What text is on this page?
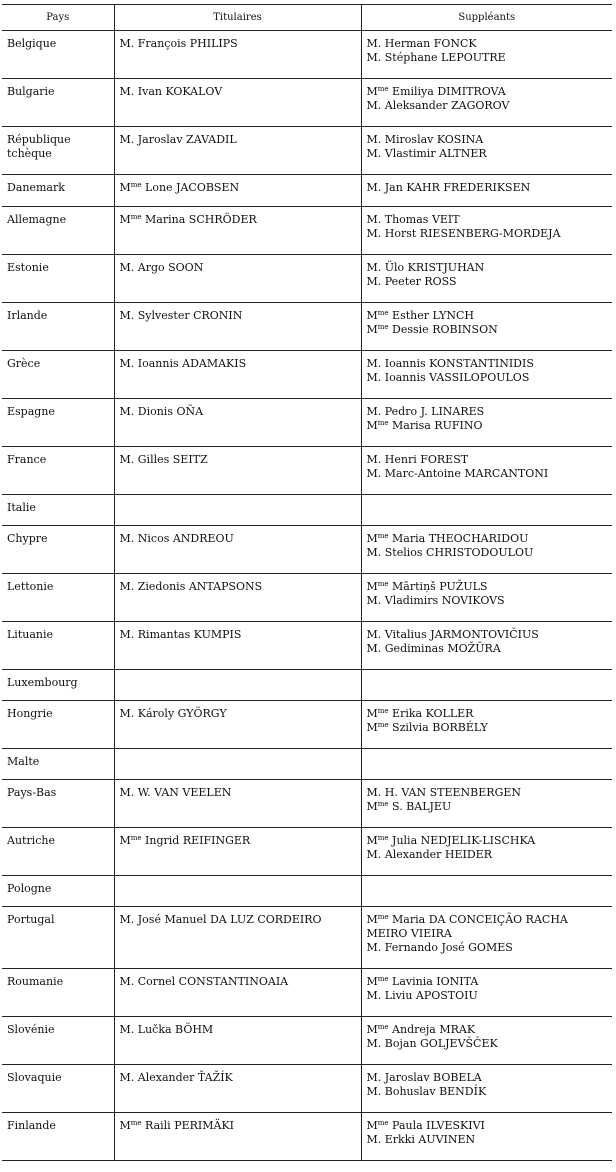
Pays	Titulaires	Suppléants
Belgique	M. François PHILIPS	M. Herman FONCK
M. Stéphane LEPOUTRE

Bulgarie	M. Ivan KOKALOV	$M^{me}$ Emiliya DIMITROVA
M. Aleksander ZAGOROV

République tchèque	M. Jaroslav ZAVADIL	M. Miroslav KOSINA
M. Vlastimir ALTNER

Danemark	$M^{me}$ Lone JACOBSEN	M. Jan KAHR FREDERIKSEN

Allemagne	$M^{me}$ Marina SCHRÖDER	M. Thomas VEIT
M. Horst RIESENBERG-MORDEJA

Estonie	M. Argo SOON	M. Ülo KRISTJUHAN
M. Peeter ROSS

Irlande	M. Sylvester CRONIN	$M^{me}$ Esther LYNCH
$M^{me}$ Dessie ROBINSON

Grèce	M. Ioannis ADAMAKIS	M. Ioannis KONSTANTINIDIS
M. Ioannis VASSILOPOULOS

Espagne	M. Dionis OÑA	M. Pedro J. LINARES
$M^{me}$ Marisa RUFINO

France	M. Gilles SEITZ	M. Henri FOREST
M. Marc-Antoine MARCANTONI

Italie		
Chypre	M. Nicos ANDREOU	$M^{me}$ Maria THEOCHARIDOU
M. Stelios CHRISTODOULOU

Lettonie	M. Ziedonis ANTAPSONS	$M^{me}$ Mārtiņš PUŽULS
M. Vladimirs NOVIKOVS

Lituanie	M. Rimantas KUMPIS	M. Vitalius JARMONTOVIČIUS
M. Gediminas MOŽŪRA

Luxembourg		
Hongrie	M. Károly GYÖRGY	$M^{me}$ Erika KOLLER
$M^{me}$ Szilvia BORBÉLY

Malte		
Pays-Bas	M. W. VAN VEELEN	M. H. VAN STEENBERGEN
$M^{me}$ S. BALJEU

Autriche	$M^{me}$ Ingrid REIFINGER	$M^{me}$ Julia NEDJELIK-LISCHKA
M. Alexander HEIDER

Pologne		
Portugal	M. José Manuel DA LUZ CORDEIRO	$M^{me}$ Maria DA CONCEIÇÃO RACHA MEIRO VIEIRA
M. Fernando José GOMES

Roumanie	M. Cornel CONSTANTINOAIA	$M^{me}$ Lavinia IONITA
M. Liviu APOSTOIU

Slovénie	M. Lučka BÖHM	$M^{me}$ Andreja MRAK
M. Bojan GOLJEVŠČEK

Slovaquie	M. Alexander ŤAŽÍK	M. Jaroslav BOBELA
M. Bohuslav BENDÍK

Finlande	$M^{me}$ Raili PERIMÄKI	$M^{me}$ Paula ILVESKIVI
M. Erkki AUVINEN
